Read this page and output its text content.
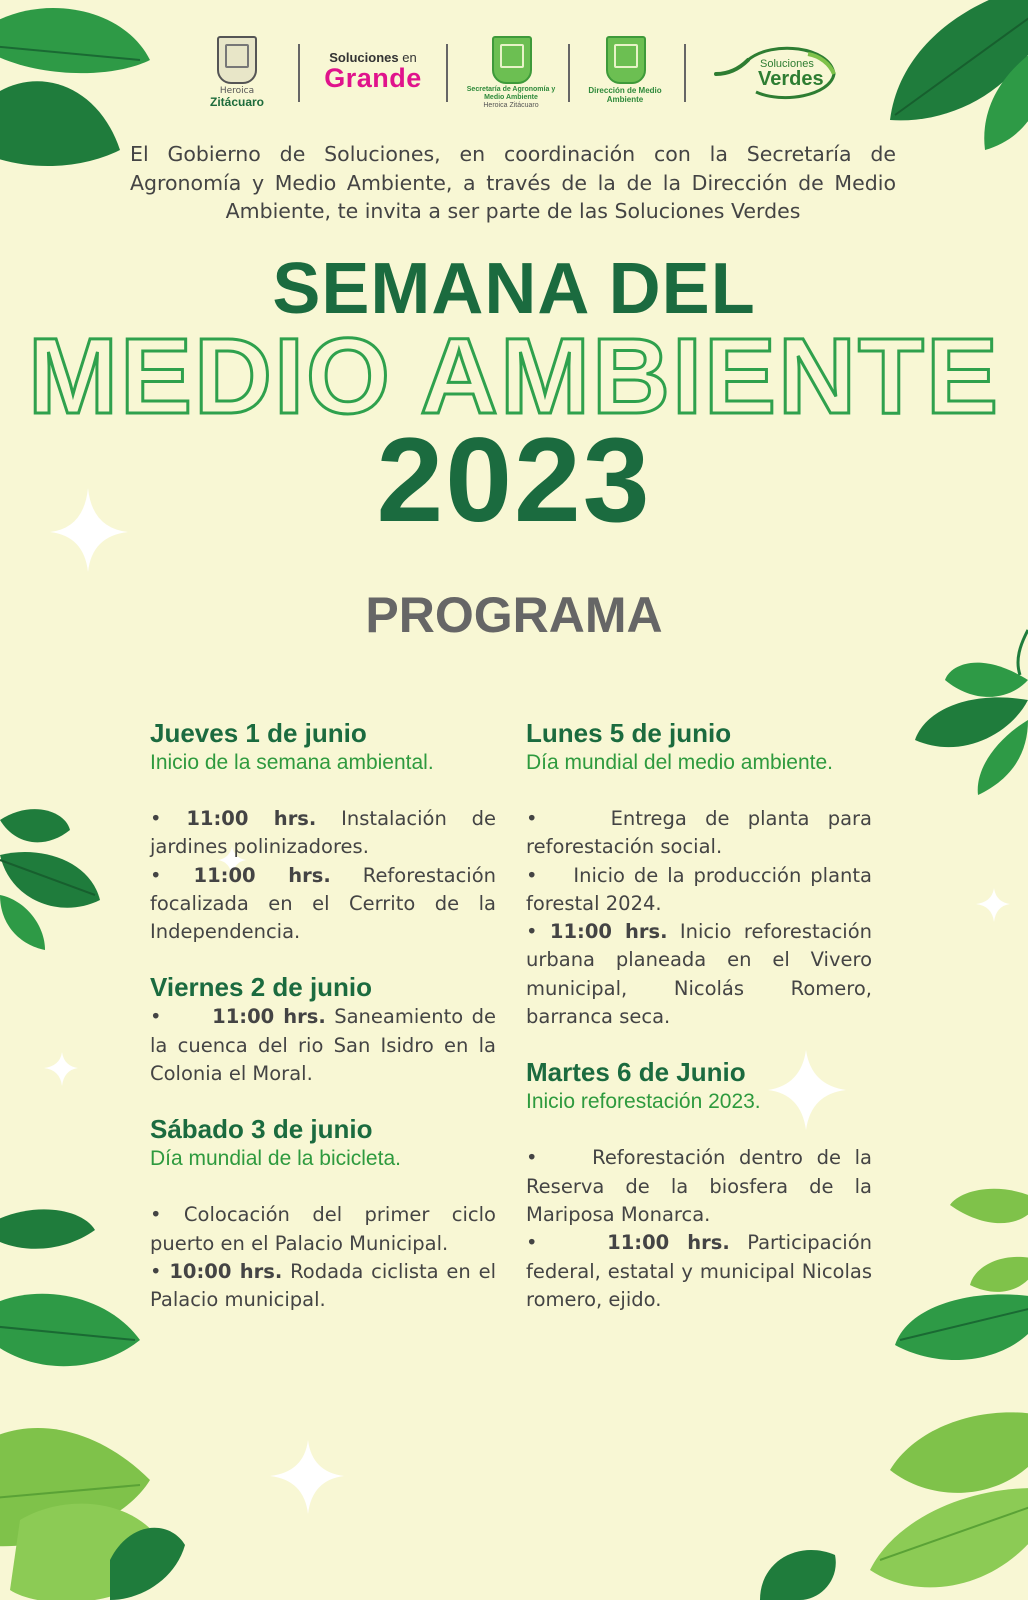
Heroica
Zitácuaro
Soluciones en
Grande	Secretaría de Agronomía y Medio Ambiente
Heroica Zitácuaro
Dirección de Medio Ambiente
Soluciones
Verdes
El Gobierno de Soluciones, en coordinación con la Secretaría de Agronomía y Medio Ambiente, a través de la de la Dirección de Medio Ambiente, te invita a ser parte de las Soluciones Verdes
SEMANA DEL
MEDIO AMBIENTE
2023
PROGRAMA
Jueves 1 de junio
Inicio de la semana ambiental.
• 11:00 hrs. Instalación de jardines polinizadores.
• 11:00 hrs. Reforestación focalizada en el Cerrito de la Independencia.
Viernes 2 de junio
•      11:00 hrs. Saneamiento de la cuenca del rio San Isidro en la Colonia el Moral.
Sábado 3 de junio
Día mundial de la bicicleta.
• Colocación del primer ciclo puerto en el Palacio Municipal.
• 10:00 hrs. Rodada ciclista en el Palacio municipal.
Lunes 5 de junio
Día mundial del medio ambiente.
•    Entrega de planta para reforestación social.
•    Inicio de la producción planta forestal 2024.
• 11:00 hrs. Inicio reforestación urbana planeada en el Vivero municipal, Nicolás Romero, barranca seca.
Martes 6 de Junio
Inicio reforestación 2023.
•    Reforestación dentro de la Reserva de la biosfera de la Mariposa Monarca.
•    11:00 hrs. Participación federal, estatal y municipal Nicolas romero, ejido.
